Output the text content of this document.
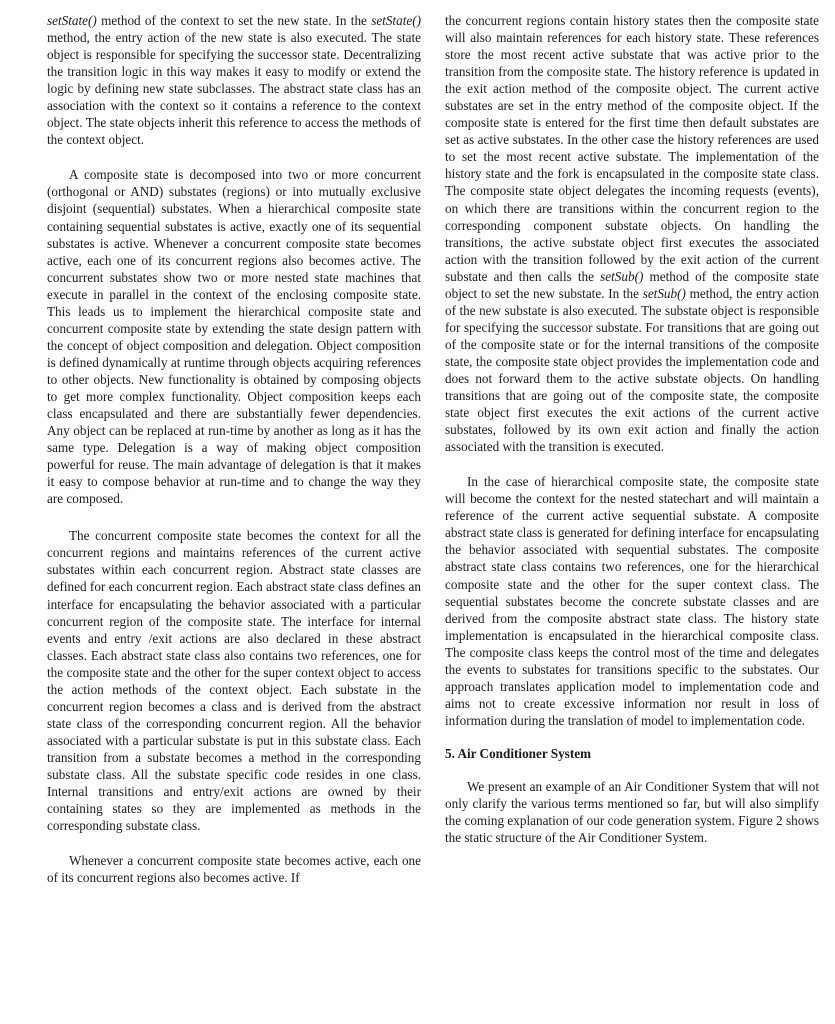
setState() method of the context to set the new state. In the setState() method, the entry action of the new state is also executed. The state object is responsible for specifying the successor state. Decentralizing the transition logic in this way makes it easy to modify or extend the logic by defining new state subclasses. The abstract state class has an association with the context so it contains a reference to the context object. The state objects inherit this reference to access the methods of the context object.

A composite state is decomposed into two or more concurrent (orthogonal or AND) substates (regions) or into mutually exclusive disjoint (sequential) substates. When a hierarchical composite state containing sequential substates is active, exactly one of its sequential substates is active. Whenever a concurrent composite state becomes active, each one of its concurrent regions also becomes active. The concurrent substates show two or more nested state machines that execute in parallel in the context of the enclosing composite state. This leads us to implement the hierarchical composite state and concurrent composite state by extending the state design pattern with the concept of object composition and delegation. Object composition is defined dynamically at runtime through objects acquiring references to other objects. New functionality is obtained by composing objects to get more complex functionality. Object composition keeps each class encapsulated and there are substantially fewer dependencies. Any object can be replaced at run-time by another as long as it has the same type. Delegation is a way of making object composition powerful for reuse. The main advantage of delegation is that it makes it easy to compose behavior at run-time and to change the way they are composed.

The concurrent composite state becomes the context for all the concurrent regions and maintains references of the current active substates within each concurrent region. Abstract state classes are defined for each concurrent region. Each abstract state class defines an interface for encapsulating the behavior associated with a particular concurrent region of the composite state. The interface for internal events and entry /exit actions are also declared in these abstract classes. Each abstract state class also contains two references, one for the composite state and the other for the super context object to access the action methods of the context object. Each substate in the concurrent region becomes a class and is derived from the abstract state class of the corresponding concurrent region. All the behavior associated with a particular substate is put in this substate class. Each transition from a substate becomes a method in the corresponding substate class. All the substate specific code resides in one class. Internal transitions and entry/exit actions are owned by their containing states so they are implemented as methods in the corresponding substate class.

Whenever a concurrent composite state becomes active, each one of its concurrent regions also becomes active. If

the concurrent regions contain history states then the composite state will also maintain references for each history state. These references store the most recent active substate that was active prior to the transition from the composite state. The history reference is updated in the exit action method of the composite object. The current active substates are set in the entry method of the composite object. If the composite state is entered for the first time then default substates are set as active substates. In the other case the history references are used to set the most recent active substate. The implementation of the history state and the fork is encapsulated in the composite state class. The composite state object delegates the incoming requests (events), on which there are transitions within the concurrent region to the corresponding component substate objects. On handling the transitions, the active substate object first executes the associated action with the transition followed by the exit action of the current substate and then calls the setSub() method of the composite state object to set the new substate. In the setSub() method, the entry action of the new substate is also executed. The substate object is responsible for specifying the successor substate. For transitions that are going out of the composite state or for the internal transitions of the composite state, the composite state object provides the implementation code and does not forward them to the active substate objects. On handling transitions that are going out of the composite state, the composite state object first executes the exit actions of the current active substates, followed by its own exit action and finally the action associated with the transition is executed.

In the case of hierarchical composite state, the composite state will become the context for the nested statechart and will maintain a reference of the current active sequential substate. A composite abstract state class is generated for defining interface for encapsulating the behavior associated with sequential substates. The composite abstract state class contains two references, one for the hierarchical composite state and the other for the super context class. The sequential substates become the concrete substate classes and are derived from the composite abstract state class. The history state implementation is encapsulated in the hierarchical composite class. The composite class keeps the control most of the time and delegates the events to substates for transitions specific to the substates. Our approach translates application model to implementation code and aims not to create excessive information nor result in loss of information during the translation of model to implementation code.

5. Air Conditioner System

We present an example of an Air Conditioner System that will not only clarify the various terms mentioned so far, but will also simplify the coming explanation of our code generation system. Figure 2 shows the static structure of the Air Conditioner System.
